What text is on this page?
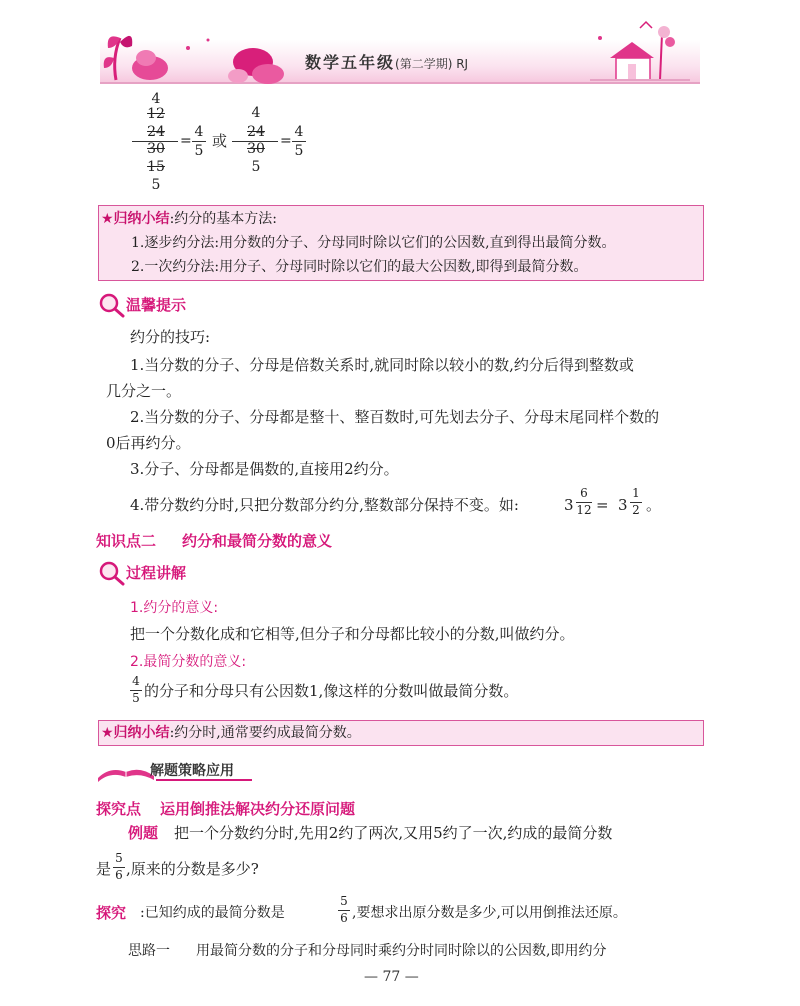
数学五年级(第二学期) RJ
4
12
24
30
15
5
=
4
5
或
4
24
30
5
=
4
5
★归纳小结:约分的基本方法:
1.逐步约分法:用分数的分子、分母同时除以它们的公因数,直到得出最简分数。
2.一次约分法:用分子、分母同时除以它们的最大公因数,即得到最简分数。
温馨提示
约分的技巧:
1.当分数的分子、分母是倍数关系时,就同时除以较小的数,约分后得到整数或
几分之一。
2.当分数的分子、分母都是整十、整百数时,可先划去分子、分母末尾同样个数的
0后再约分。
3.分子、分母都是偶数的,直接用2约分。
4.带分数约分时,只把分数部分约分,整数部分保持不变。如:	3
6
12 = 3
1
2 。
知识点二 约分和最简分数的意义
过程讲解
1.约分的意义:
把一个分数化成和它相等,但分子和分母都比较小的分数,叫做约分。
2.最简分数的意义:
4
5 的分子和分母只有公因数1,像这样的分数叫做最简分数。
★归纳小结:约分时,通常要约成最简分数。
解题策略应用
探究点 运用倒推法解决约分还原问题
例题 把一个分数约分时,先用2约了两次,又用5约了一次,约成的最简分数
是
5
6 ,原来的分数是多少?
探究 :已知约成的最简分数是
5
6 ,要想求出原分数是多少,可以用倒推法还原。
思路一 用最简分数的分子和分母同时乘约分时同时除以的公因数,即用约分
— 77 —
